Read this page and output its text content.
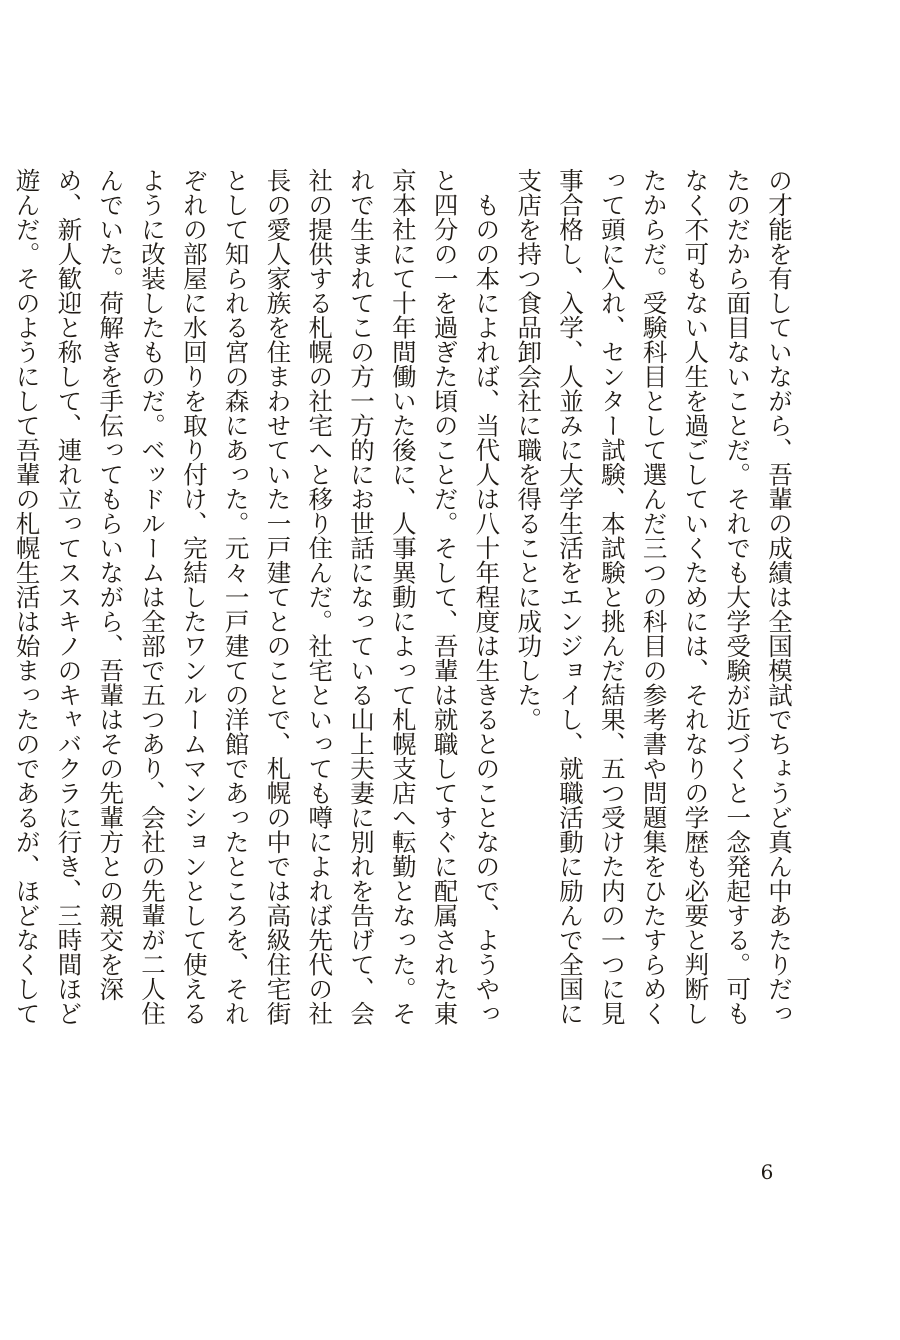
の才能を有していながら、吾輩の成績は全国模試でちょうど真ん中あたりだったのだから面目ないことだ。それでも大学受験が近づくと一念発起する。可もなく不可もない人生を過ごしていくためには、それなりの学歴も必要と判断したからだ。受験科目として選んだ三つの科目の参考書や問題集をひたすらめくって頭に入れ、センター試験、本試験と挑んだ結果、五つ受けた内の一つに見事合格し、入学、人並みに大学生活をエンジョイし、就職活動に励んで全国に支店を持つ食品卸会社に職を得ることに成功した。

　ものの本によれば、当代人は八十年程度は生きるとのことなので、ようやっと四分の一を過ぎた頃のことだ。そして、吾輩は就職してすぐに配属された東京本社にて十年間働いた後に、人事異動によって札幌支店へ転勤となった。それで生まれてこの方一方的にお世話になっている山上夫妻に別れを告げて、会社の提供する札幌の社宅へと移り住んだ。社宅といっても噂によれば先代の社長の愛人家族を住まわせていた一戸建てとのことで、札幌の中では高級住宅街として知られる宮の森にあった。元々一戸建ての洋館であったところを、それぞれの部屋に水回りを取り付け、完結したワンルームマンションとして使えるように改装したものだ。ベッドルームは全部で五つあり、会社の先輩が二人住んでいた。荷解きを手伝ってもらいながら、吾輩はその先輩方との親交を深め、新人歓迎と称して、連れ立ってススキノのキャバクラに行き、三時間ほど遊んだ。そのようにして吾輩の札幌生活は始まったのであるが、ほどなくして

6
